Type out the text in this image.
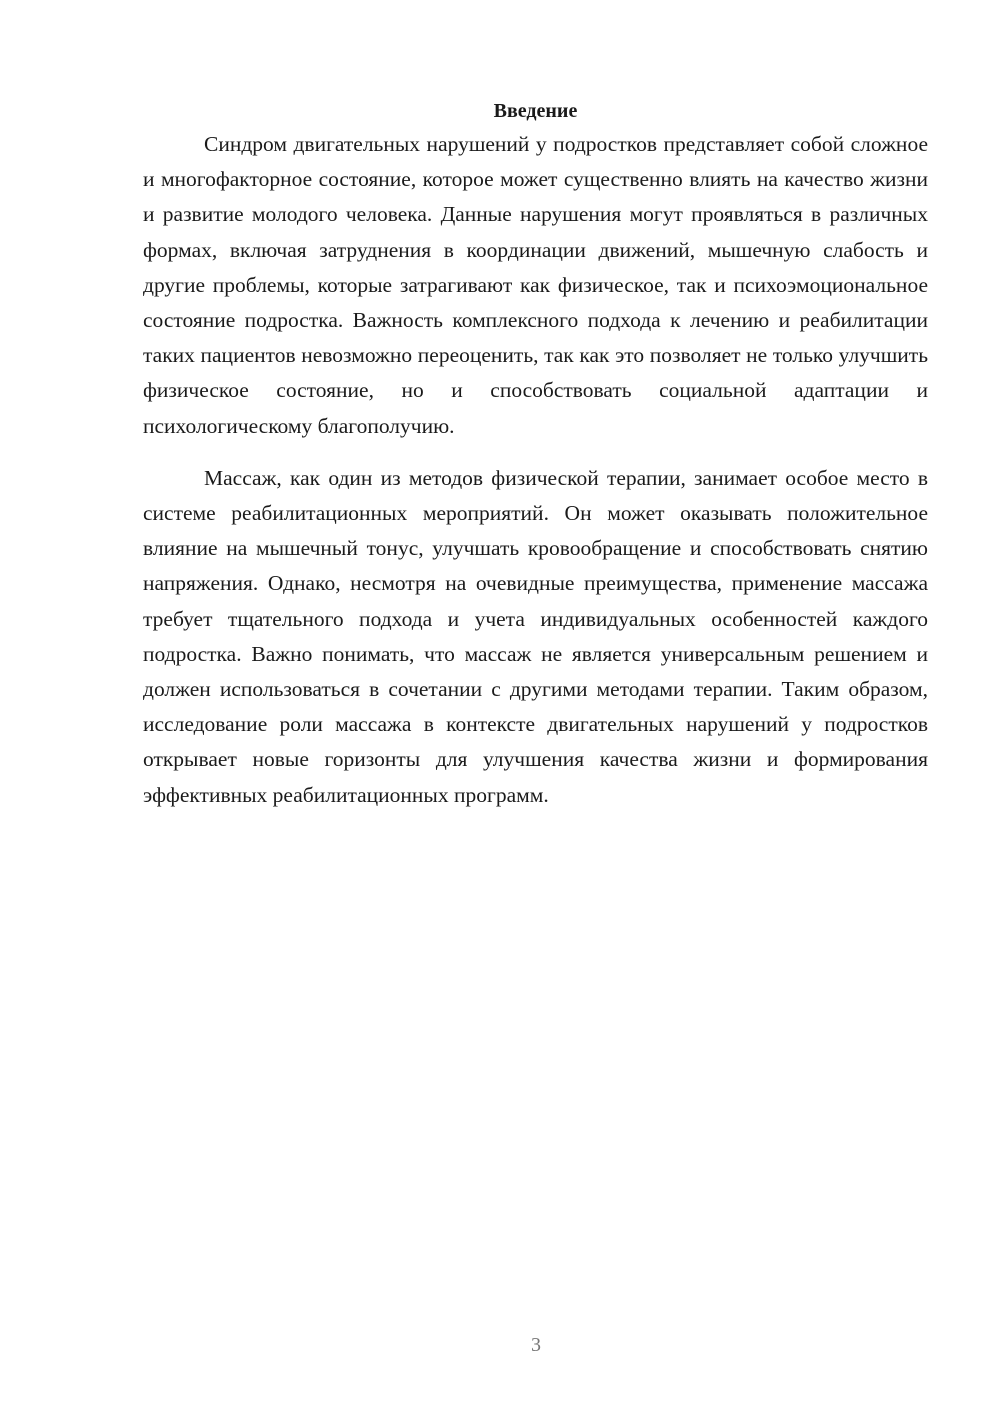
Введение

Синдром двигательных нарушений у подростков представляет собой сложное и многофакторное состояние, которое может существенно влиять на качество жизни и развитие молодого человека. Данные нарушения могут проявляться в различных формах, включая затруднения в координации движений, мышечную слабость и другие проблемы, которые затрагивают как физическое, так и психоэмоциональное состояние подростка. Важность комплексного подхода к лечению и реабилитации таких пациентов невозможно переоценить, так как это позволяет не только улучшить физическое состояние, но и способствовать социальной адаптации и психологическому благополучию.

Массаж, как один из методов физической терапии, занимает особое место в системе реабилитационных мероприятий. Он может оказывать положительное влияние на мышечный тонус, улучшать кровообращение и способствовать снятию напряжения. Однако, несмотря на очевидные преимущества, применение массажа требует тщательного подхода и учета индивидуальных особенностей каждого подростка. Важно понимать, что массаж не является универсальным решением и должен использоваться в сочетании с другими методами терапии. Таким образом, исследование роли массажа в контексте двигательных нарушений у подростков открывает новые горизонты для улучшения качества жизни и формирования эффективных реабилитационных программ.

3
